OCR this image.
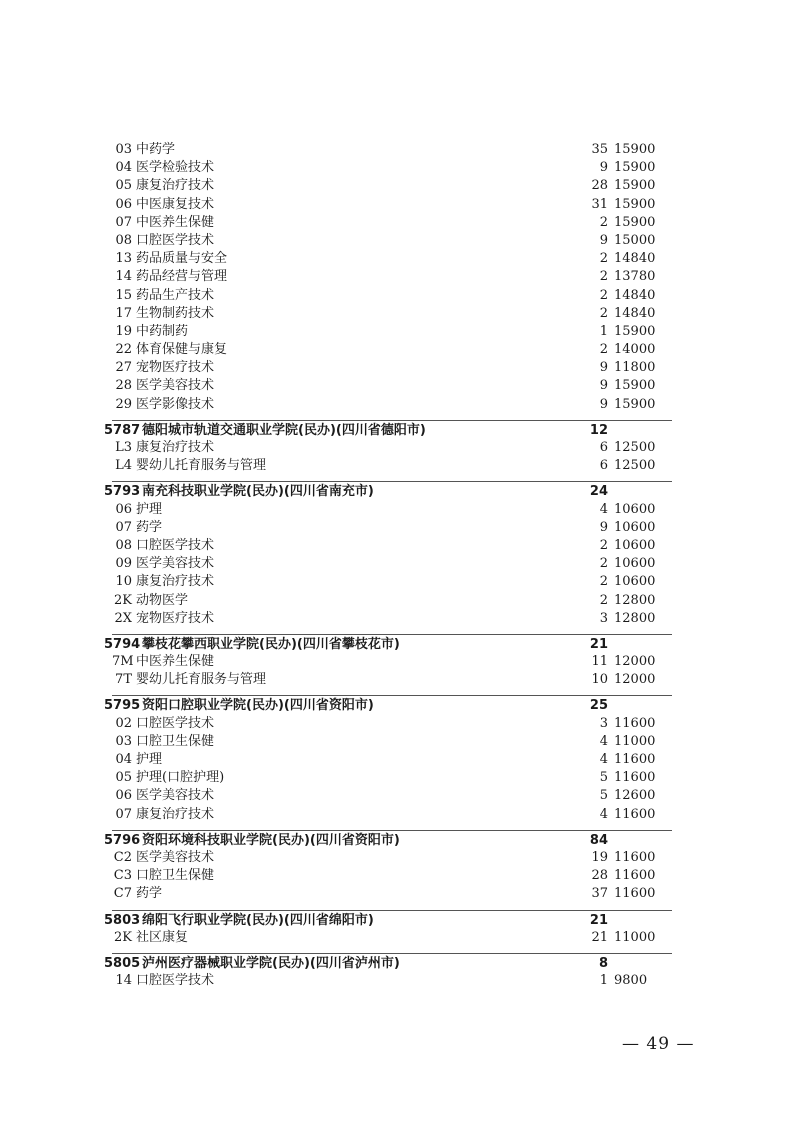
03 中药学	35 15900
04 医学检验技术	9 15900
05 康复治疗技术	28 15900
06 中医康复技术	31 15900
07 中医养生保健	2 15900
08 口腔医学技术	9 15000
13 药品质量与安全	2 14840
14 药品经营与管理	2 13780
15 药品生产技术	2 14840
17 生物制药技术	2 14840
19 中药制药	1 15900
22 体育保健与康复	2 14000
27 宠物医疗技术	9 11800
28 医学美容技术	9 15900
29 医学影像技术	9 15900
5787 德阳城市轨道交通职业学院(民办)(四川省德阳市)	12
L3 康复治疗技术	6 12500
L4 婴幼儿托育服务与管理	6 12500
5793 南充科技职业学院(民办)(四川省南充市)	24
06 护理	4 10600
07 药学	9 10600
08 口腔医学技术	2 10600
09 医学美容技术	2 10600
10 康复治疗技术	2 10600
2K 动物医学	2 12800
2X 宠物医疗技术	3 12800
5794 攀枝花攀西职业学院(民办)(四川省攀枝花市)	21
7M 中医养生保健	11 12000
7T 婴幼儿托育服务与管理	10 12000
5795 资阳口腔职业学院(民办)(四川省资阳市)	25
02 口腔医学技术	3 11600
03 口腔卫生保健	4 11000
04 护理	4 11600
05 护理(口腔护理)	5 11600
06 医学美容技术	5 12600
07 康复治疗技术	4 11600
5796 资阳环境科技职业学院(民办)(四川省资阳市)	84
C2 医学美容技术	19 11600
C3 口腔卫生保健	28 11600
C7 药学	37 11600
5803 绵阳飞行职业学院(民办)(四川省绵阳市)	21
2K 社区康复	21 11000
5805 泸州医疗器械职业学院(民办)(四川省泸州市)	8
14 口腔医学技术	1 9800
— 49 —
